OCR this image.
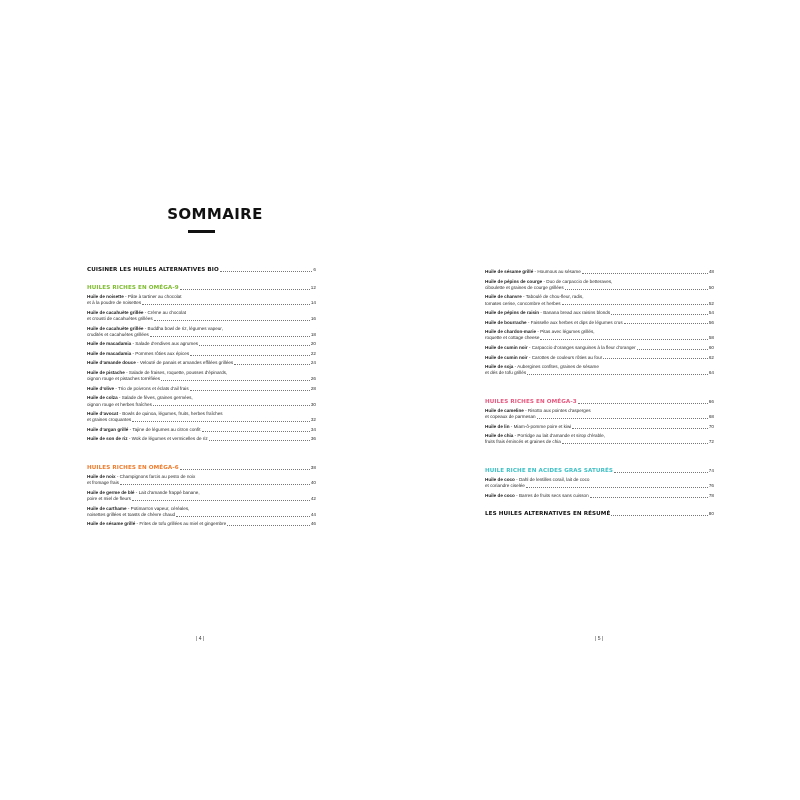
SOMMAIRE
CUISINER LES HUILES ALTERNATIVES BIO	6
HUILES RICHES EN OMÉGA-9	12
Huile de noisette - Pâte à tartiner au chocolat
et à la poudre de noisettes	14
Huile de cacahuète grillée - Crème au chocolat
et crousti de cacahuètes grillées	16
Huile de cacahuète grillée - Buddha bowl de riz, légumes vapeur,
crudités et cacahuètes grillées	18
Huile de macadamia - Salade d’endives aux agrumes	20
Huile de macadamia - Pommes rôties aux épices	22
Huile d’amande douce - Velouté de panais et amandes effilées grillées	24
Huile de pistache - Salade de fraises, roquette, pousses d’épinards,
oignon rouge et pistaches torréfiées	26
Huile d’olive - Trio de poivrons et éclats d’ail frais	28
Huile de colza - Salade de fèves, graines germées,
oignon rouge et herbes fraîches	30
Huile d’avocat - Bowls de quinoa, légumes, fruits, herbes fraîches
et graines croquantes	32
Huile d’argan grillé - Tajine de légumes au citron confit	34
Huile de son de riz - Wok de légumes et vermicelles de riz	36
HUILES RICHES EN OMÉGA-6	38
Huile de noix - Champignons farcis au pesto de noix
et fromage frais	40
Huile de germe de blé - Lait d’amande frappé banane,
poire et miel de fleurs	42
Huile de carthame - Potimarron vapeur, céréales,
noisettes grillées et toasts de chèvre chaud	44
Huile de sésame grillé - Frites de tofu grillées au miel et gingembre	46
Huile de sésame grillé - Houmous au sésame	48
Huile de pépins de courge - Duo de carpaccio de betteraves,
ciboulette et graines de courge grillées	50
Huile de chanvre - Taboulé de chou-fleur, radis,
tomates cerise, concombre et herbes	52
Huile de pépins de raisin - Banana bread aux raisins blonds	54
Huile de bourrache - Faisselle aux herbes et dips de légumes crus	56
Huile de chardon-marie - Pitas avec légumes grillés,
roquette et cottage cheese	58
Huile de cumin noir - Carpaccio d’oranges sanguines à la fleur d’oranger	60
Huile de cumin noir - Carottes de couleurs rôties au four	62
Huile de soja - Aubergines confites, graines de sésame
et dés de tofu grillés	64
HUILES RICHES EN OMÉGA-3	66
Huile de cameline - Risotto aux pointes d’asperges
et copeaux de parmesan	68
Huile de lin - Miam-ô-pomme poire et kiwi	70
Huile de chia - Porridge au lait d’amande et sirop d’érable,
fruits frais émincés et graines de chia	72
HUILE RICHE EN ACIDES GRAS SATURÉS	74
Huile de coco - Dahl de lentilles corail, lait de coco
et coriandre ciselée	76
Huile de coco - Barres de fruits secs sans cuisson	78
LES HUILES ALTERNATIVES EN RÉSUMÉ	80
| 4 |	| 5 |
